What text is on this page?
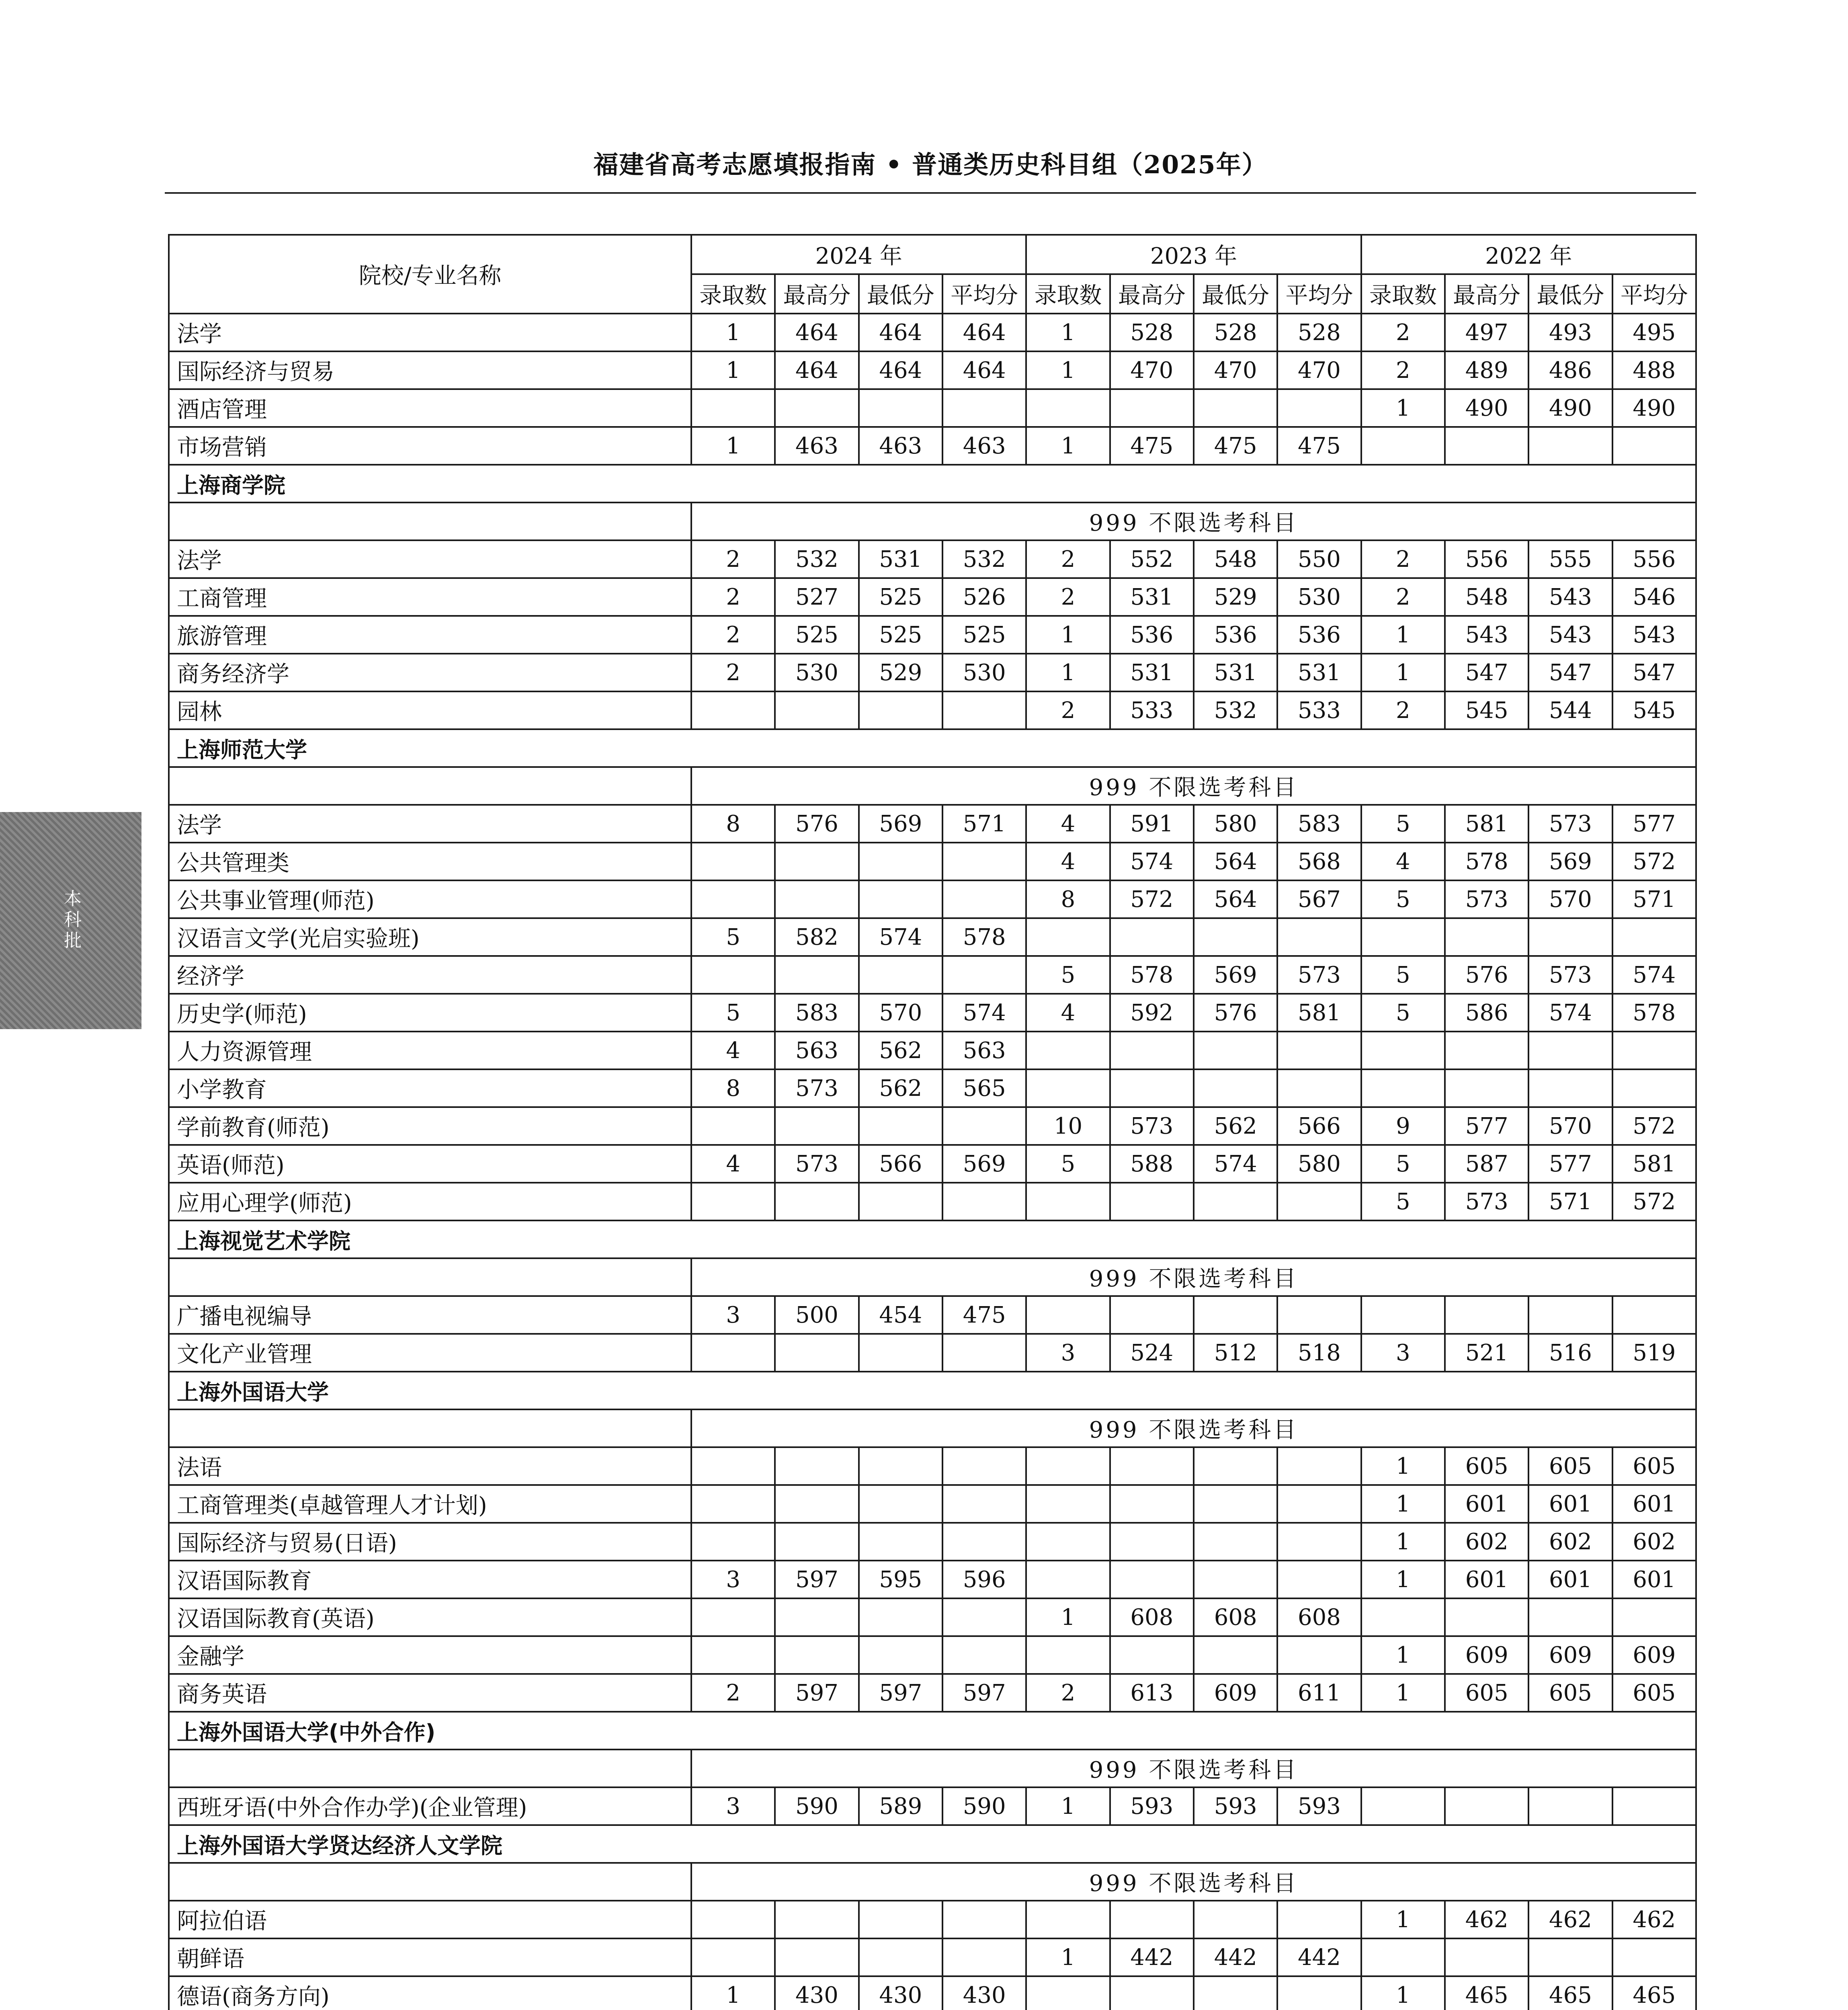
福建省高考志愿填报指南 • 普通类历史科目组（2025年）
本科批
院校/专业名称	2024 年				2023 年				2022 年			
	录取数	最高分	最低分	平均分	录取数	最高分	最低分	平均分	录取数	最高分	最低分	平均分
法学	1	464	464	464	1	528	528	528	2	497	493	495
国际经济与贸易	1	464	464	464	1	470	470	470	2	489	486	488
酒店管理									1	490	490	490
市场营销	1	463	463	463	1	475	475	475				
上海商学院												
	999 不限选考科目											
法学	2	532	531	532	2	552	548	550	2	556	555	556
工商管理	2	527	525	526	2	531	529	530	2	548	543	546
旅游管理	2	525	525	525	1	536	536	536	1	543	543	543
商务经济学	2	530	529	530	1	531	531	531	1	547	547	547
园林					2	533	532	533	2	545	544	545
上海师范大学												
	999 不限选考科目											
法学	8	576	569	571	4	591	580	583	5	581	573	577
公共管理类					4	574	564	568	4	578	569	572
公共事业管理(师范)					8	572	564	567	5	573	570	571
汉语言文学(光启实验班)	5	582	574	578								
经济学					5	578	569	573	5	576	573	574
历史学(师范)	5	583	570	574	4	592	576	581	5	586	574	578
人力资源管理	4	563	562	563								
小学教育	8	573	562	565								
学前教育(师范)					10	573	562	566	9	577	570	572
英语(师范)	4	573	566	569	5	588	574	580	5	587	577	581
应用心理学(师范)									5	573	571	572
上海视觉艺术学院												
	999 不限选考科目											
广播电视编导	3	500	454	475								
文化产业管理					3	524	512	518	3	521	516	519
上海外国语大学												
	999 不限选考科目											
法语									1	605	605	605
工商管理类(卓越管理人才计划)									1	601	601	601
国际经济与贸易(日语)									1	602	602	602
汉语国际教育	3	597	595	596					1	601	601	601
汉语国际教育(英语)					1	608	608	608				
金融学									1	609	609	609
商务英语	2	597	597	597	2	613	609	611	1	605	605	605
上海外国语大学(中外合作)												
	999 不限选考科目											
西班牙语(中外合作办学)(企业管理)	3	590	589	590	1	593	593	593				
上海外国语大学贤达经济人文学院												
	999 不限选考科目											
阿拉伯语									1	462	462	462
朝鲜语					1	442	442	442				
德语(商务方向)	1	430	430	430					1	465	465	465
